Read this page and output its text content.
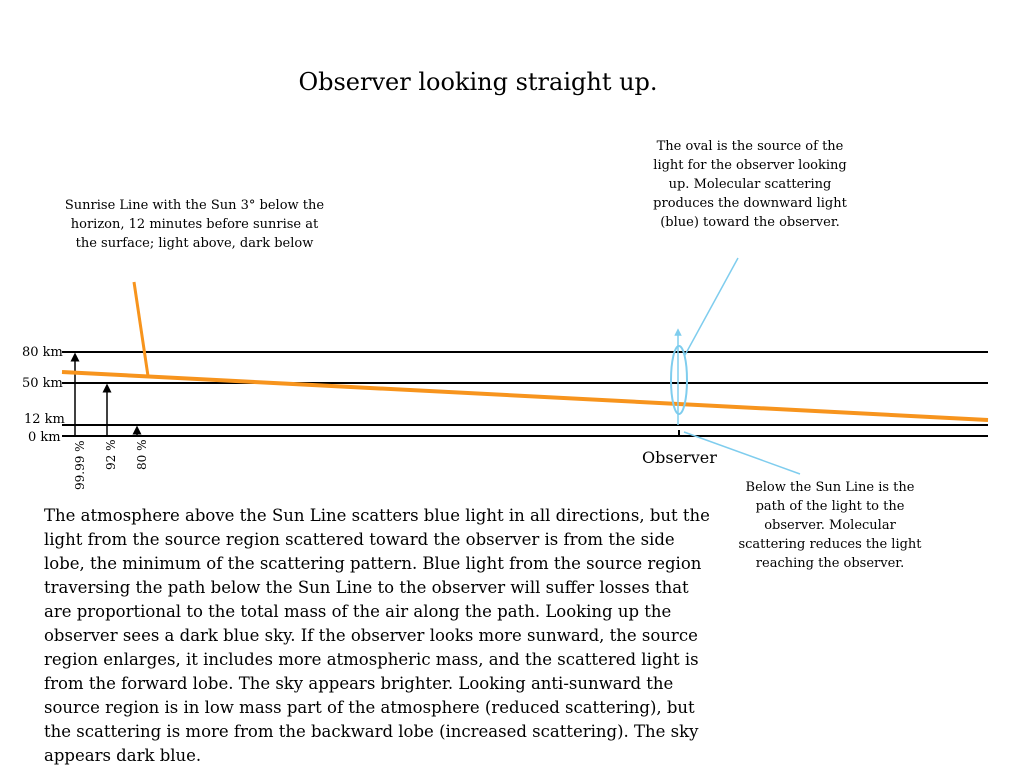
Observer looking straight up.
Sunrise Line with the Sun 3° below the horizon, 12 minutes before sunrise at the surface; light above, dark below
The oval is the source of the light for the observer looking up. Molecular scattering produces the downward light (blue) toward the observer.
Below the Sun Line is the path of the light to the observer. Molecular scattering reduces the light reaching the observer.
80 km
50 km
12 km
0 km
99.99 % 92 % 80 %	Observer
The atmosphere above the Sun Line scatters blue light in all directions, but the light from the source region scattered toward the observer is from the side lobe, the minimum of the scattering pattern. Blue light from the source region traversing the path below the Sun Line to the observer will suffer losses that are proportional to the total mass of the air along the path. Looking up the observer sees a dark blue sky. If the observer looks more sunward, the source region enlarges, it includes more atmospheric mass, and the scattered light is from the forward lobe. The sky appears brighter. Looking anti-sunward the source region is in low mass part of the atmosphere (reduced scattering), but the scattering is more from the backward lobe (increased scattering). The sky appears dark blue.
